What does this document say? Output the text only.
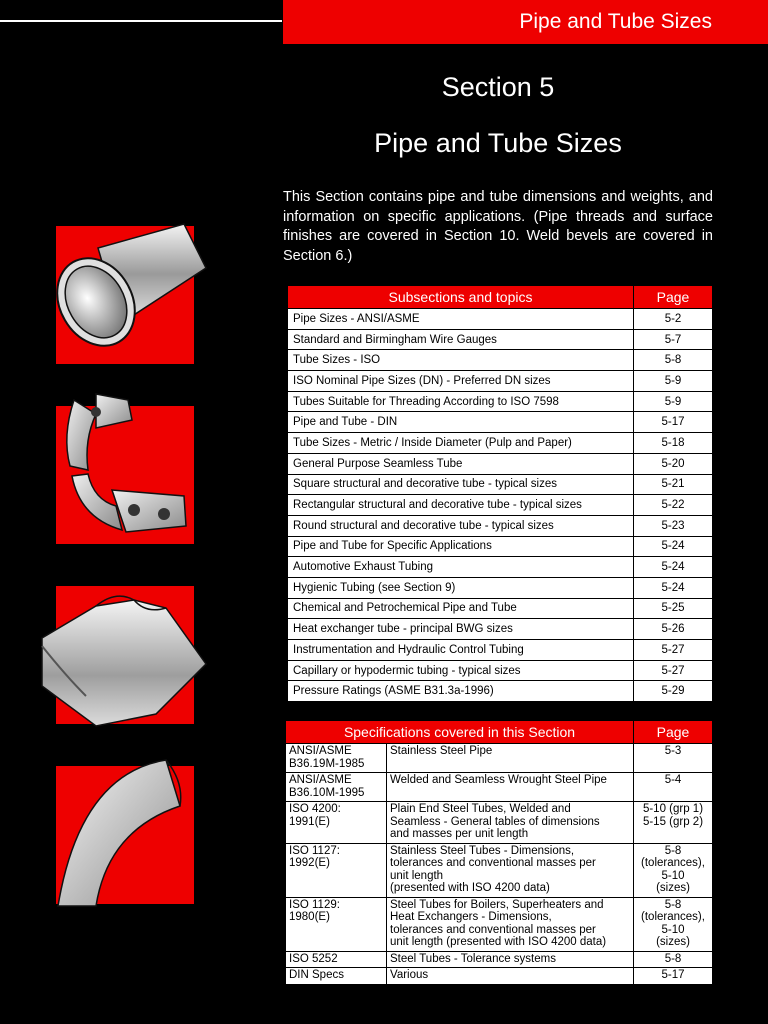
Pipe and Tube Sizes
Section 5
Pipe and Tube Sizes

This Section contains pipe and tube dimensions and weights, and information on specific applications. (Pipe threads and surface finishes are covered in Section 10. Weld bevels are covered in Section 6.)

Subsections and topics	Page
Pipe Sizes - ANSI/ASME	5-2
Standard and Birmingham Wire Gauges	5-7
Tube Sizes - ISO	5-8
ISO Nominal Pipe Sizes (DN) - Preferred DN sizes	5-9
Tubes Suitable for Threading According to ISO 7598	5-9
Pipe and Tube - DIN	5-17
Tube Sizes - Metric / Inside Diameter (Pulp and Paper)	5-18
General Purpose Seamless Tube	5-20
Square structural and decorative tube - typical sizes	5-21
Rectangular structural and decorative tube - typical sizes	5-22
Round structural and decorative tube - typical sizes	5-23
Pipe and Tube for Specific Applications	5-24
Automotive Exhaust Tubing	5-24
Hygienic Tubing (see Section 9)	5-24
Chemical and Petrochemical Pipe and Tube	5-25
Heat exchanger tube - principal BWG sizes	5-26
Instrumentation and Hydraulic Control Tubing	5-27
Capillary or hypodermic tubing - typical sizes	5-27
Pressure Ratings (ASME B31.3a-1996)	5-29
Specifications covered in this Section		Page
ANSI/ASME
B36.19M-1985	Stainless Steel Pipe	5-3
ANSI/ASME
B36.10M-1995	Welded and Seamless Wrought Steel Pipe	5-4
ISO 4200:
1991(E)	Plain End Steel Tubes, Welded and
Seamless - General tables of dimensions
and masses per unit length	5-10 (grp 1)
5-15 (grp 2)
ISO 1127:
1992(E)	Stainless Steel Tubes - Dimensions,
tolerances and conventional masses per
unit length
(presented with ISO 4200 data)	5-8
(tolerances),
5-10
(sizes)
ISO 1129:
1980(E)	Steel Tubes for Boilers, Superheaters and
Heat Exchangers - Dimensions,
tolerances and conventional masses per
unit length (presented with ISO 4200 data)	5-8
(tolerances),
5-10
(sizes)
ISO 5252	Steel Tubes - Tolerance systems	5-8
DIN Specs	Various	5-17
